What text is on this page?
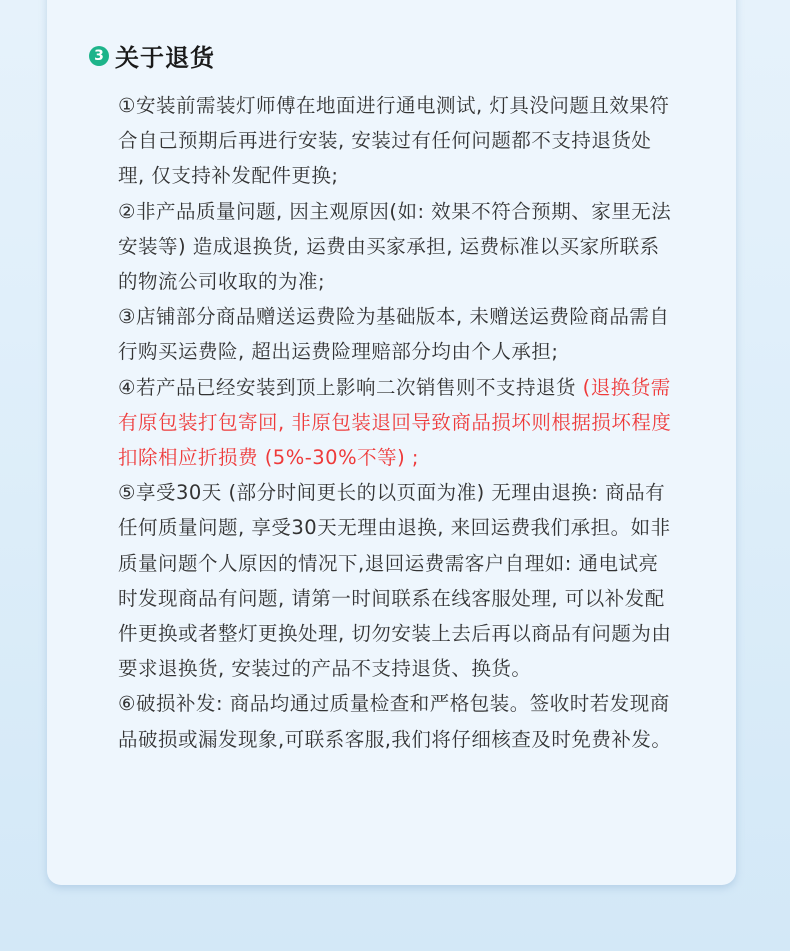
3 关于退货

①安装前需装灯师傅在地面进行通电测试, 灯具没问题且效果符合自己预期后再进行安装, 安装过有任何问题都不支持退货处理, 仅支持补发配件更换;

②非产品质量问题, 因主观原因(如: 效果不符合预期、家里无法安装等) 造成退换货, 运费由买家承担, 运费标准以买家所联系的物流公司收取的为准;

③店铺部分商品赠送运费险为基础版本, 未赠送运费险商品需自行购买运费险, 超出运费险理赔部分均由个人承担;

④若产品已经安装到顶上影响二次销售则不支持退货 (退换货需有原包装打包寄回, 非原包装退回导致商品损坏则根据损坏程度扣除相应折损费 (5%-30%不等) ;

⑤享受30天 (部分时间更长的以页面为准) 无理由退换: 商品有任何质量问题, 享受30天无理由退换, 来回运费我们承担。如非质量问题个人原因的情况下,退回运费需客户自理如: 通电试亮时发现商品有问题, 请第一时间联系在线客服处理, 可以补发配件更换或者整灯更换处理, 切勿安装上去后再以商品有问题为由要求退换货, 安装过的产品不支持退货、换货。

⑥破损补发: 商品均通过质量检查和严格包装。签收时若发现商品破损或漏发现象,可联系客服,我们将仔细核查及时免费补发。
